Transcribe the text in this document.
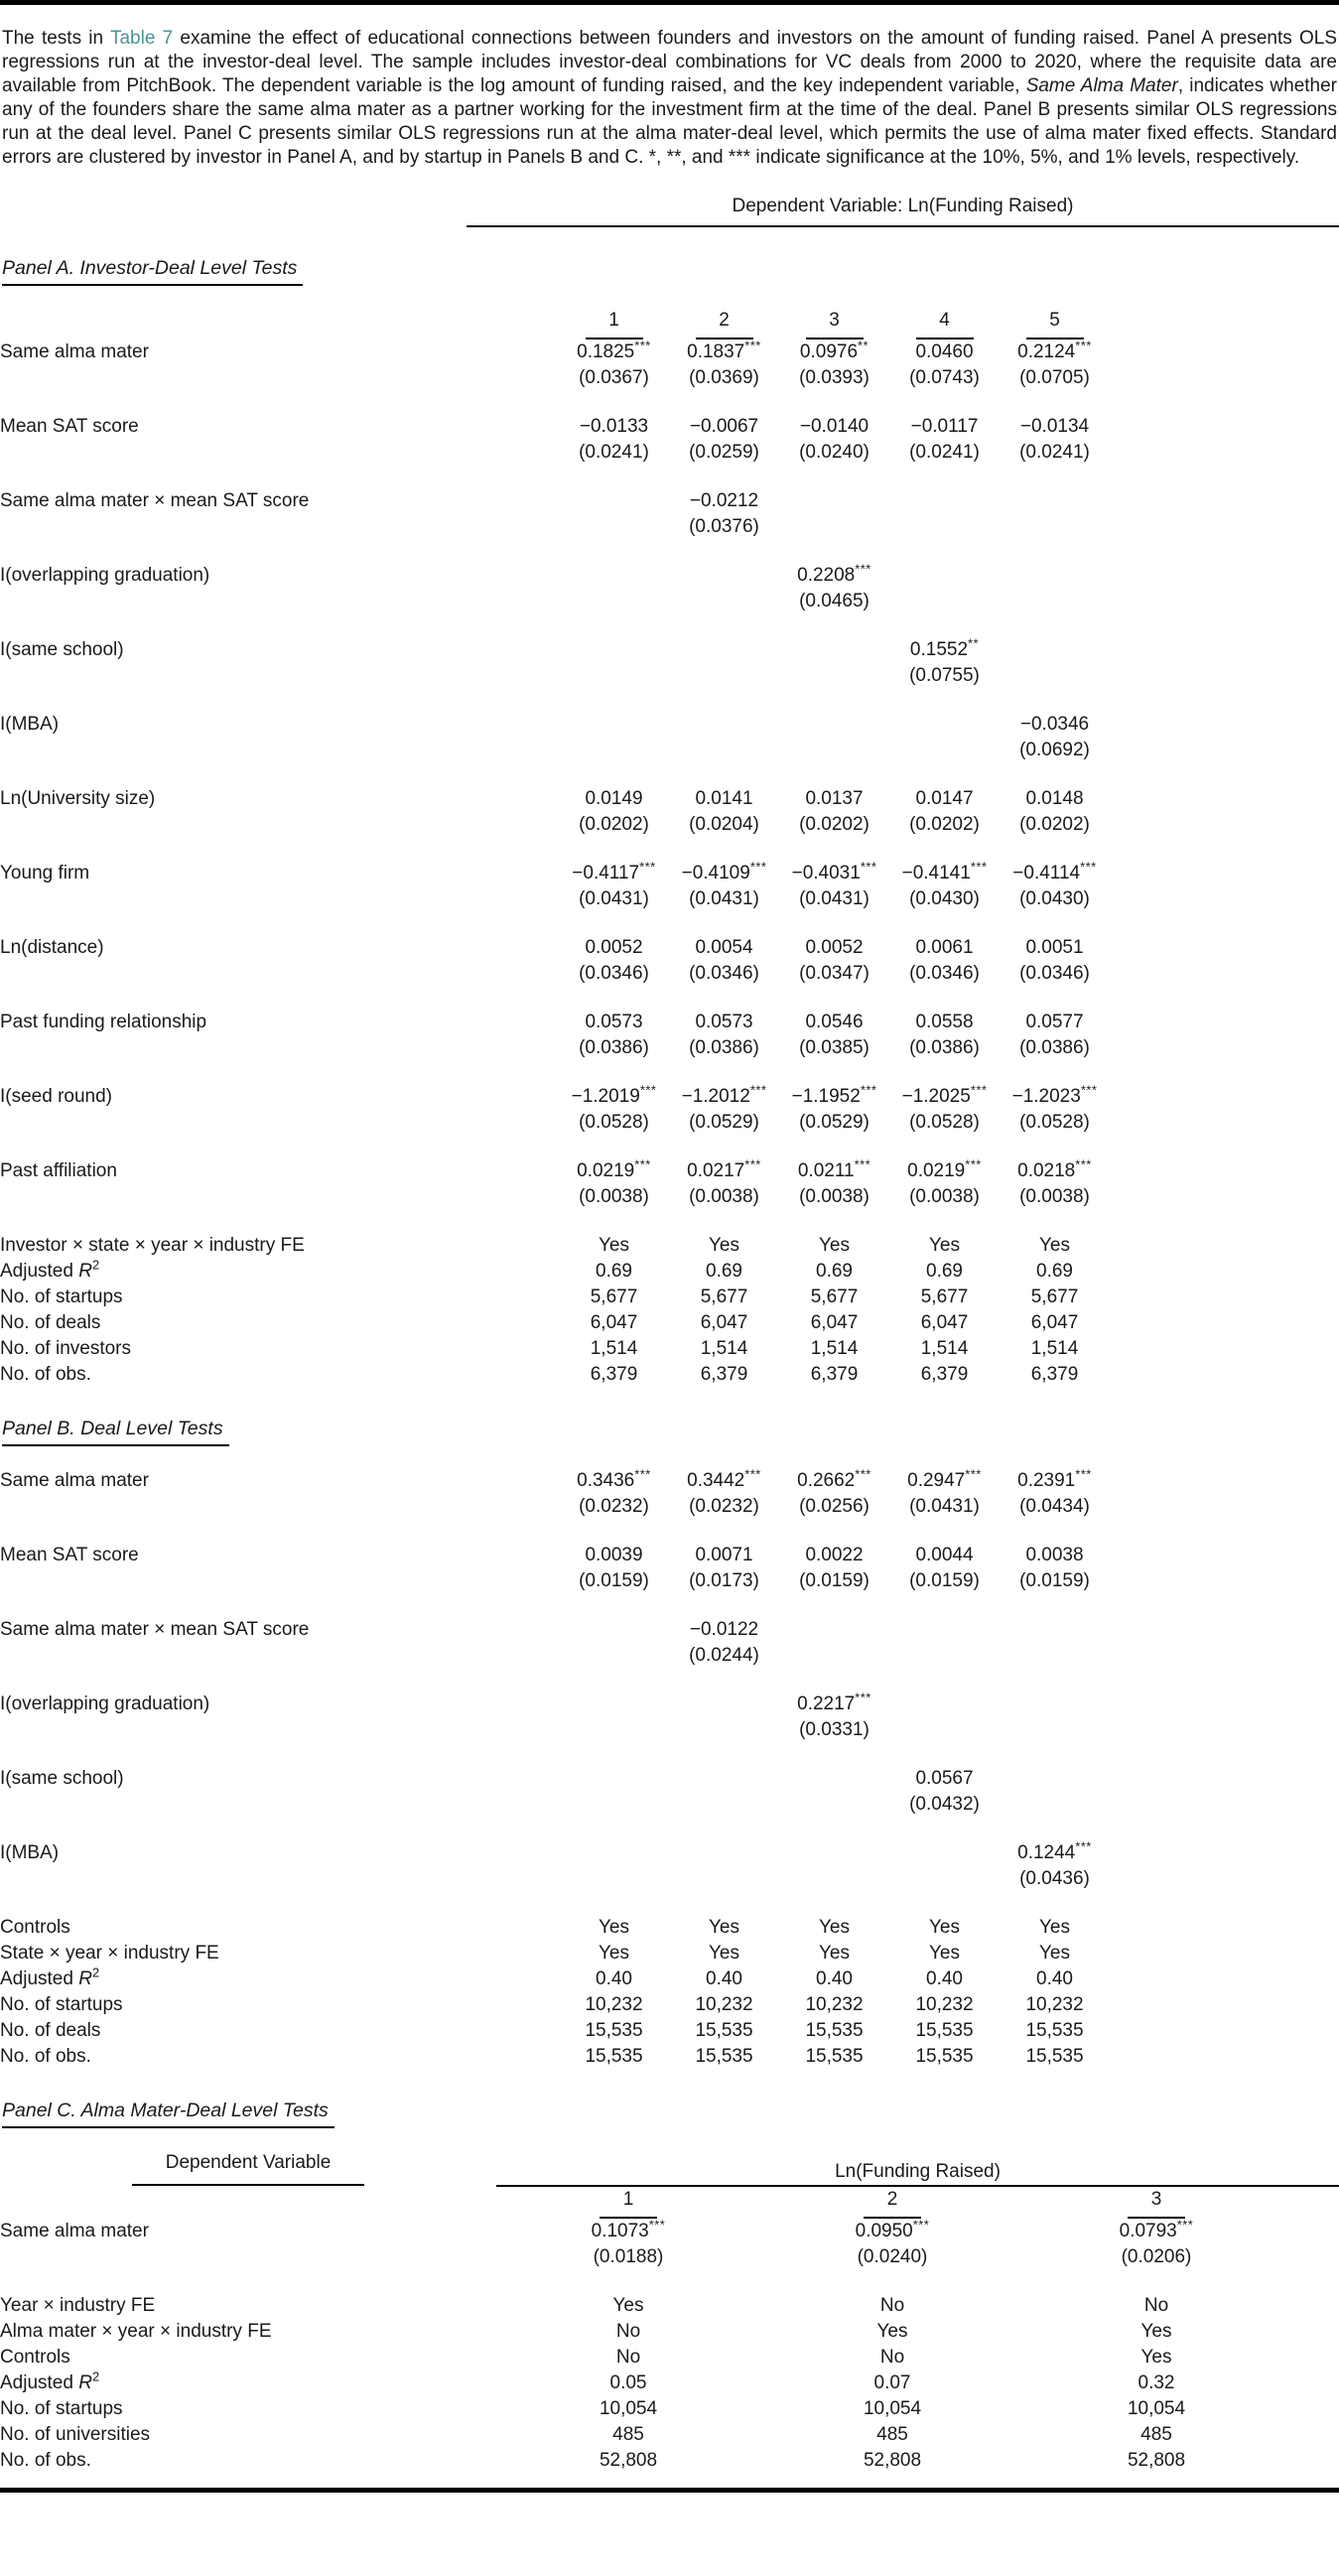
The tests in Table 7 examine the effect of educational connections between founders and investors on the amount of funding raised. Panel A presents OLS regressions run at the investor-deal level. The sample includes investor-deal combinations for VC deals from 2000 to 2020, where the requisite data are available from PitchBook. The dependent variable is the log amount of funding raised, and the key independent variable, Same Alma Mater, indicates whether any of the founders share the same alma mater as a partner working for the investment firm at the time of the deal. Panel B presents similar OLS regressions run at the deal level. Panel C presents similar OLS regressions run at the alma mater-deal level, which permits the use of alma mater fixed effects. Standard errors are clustered by investor in Panel A, and by startup in Panels B and C. *, **, and *** indicate significance at the 10%, 5%, and 1% levels, respectively.

Dependent Variable: Ln(Funding Raised)
Panel A. Investor-Deal Level Tests
	1	2	3	4	5	
Same alma mater	0.1825***	0.1837***	0.0976**	0.0460	0.2124***	
	(0.0367)	(0.0369)	(0.0393)	(0.0743)	(0.0705)	
Mean SAT score	−0.0133	−0.0067	−0.0140	−0.0117	−0.0134	
	(0.0241)	(0.0259)	(0.0240)	(0.0241)	(0.0241)	
Same alma mater × mean SAT score		−0.0212				
		(0.0376)				
I(overlapping graduation)			0.2208***			
			(0.0465)			
I(same school)				0.1552**		
				(0.0755)		
I(MBA)					−0.0346	
					(0.0692)	
Ln(University size)	0.0149	0.0141	0.0137	0.0147	0.0148	
	(0.0202)	(0.0204)	(0.0202)	(0.0202)	(0.0202)	
Young firm	−0.4117***	−0.4109***	−0.4031***	−0.4141***	−0.4114***	
	(0.0431)	(0.0431)	(0.0431)	(0.0430)	(0.0430)	
Ln(distance)	0.0052	0.0054	0.0052	0.0061	0.0051	
	(0.0346)	(0.0346)	(0.0347)	(0.0346)	(0.0346)	
Past funding relationship	0.0573	0.0573	0.0546	0.0558	0.0577	
	(0.0386)	(0.0386)	(0.0385)	(0.0386)	(0.0386)	
I(seed round)	−1.2019***	−1.2012***	−1.1952***	−1.2025***	−1.2023***	
	(0.0528)	(0.0529)	(0.0529)	(0.0528)	(0.0528)	
Past affiliation	0.0219***	0.0217***	0.0211***	0.0219***	0.0218***	
	(0.0038)	(0.0038)	(0.0038)	(0.0038)	(0.0038)	
Investor × state × year × industry FE	Yes	Yes	Yes	Yes	Yes	
Adjusted $R^2$	0.69	0.69	0.69	0.69	0.69	
No. of startups	5,677	5,677	5,677	5,677	5,677	
No. of deals	6,047	6,047	6,047	6,047	6,047	
No. of investors	1,514	1,514	1,514	1,514	1,514	
No. of obs.	6,379	6,379	6,379	6,379	6,379	
Panel B. Deal Level Tests
Same alma mater	0.3436***	0.3442***	0.2662***	0.2947***	0.2391***	
	(0.0232)	(0.0232)	(0.0256)	(0.0431)	(0.0434)	
Mean SAT score	0.0039	0.0071	0.0022	0.0044	0.0038	
	(0.0159)	(0.0173)	(0.0159)	(0.0159)	(0.0159)	
Same alma mater × mean SAT score		−0.0122				
		(0.0244)				
I(overlapping graduation)			0.2217***			
			(0.0331)			
I(same school)				0.0567		
				(0.0432)		
I(MBA)					0.1244***	
					(0.0436)	
Controls	Yes	Yes	Yes	Yes	Yes	
State × year × industry FE	Yes	Yes	Yes	Yes	Yes	
Adjusted $R^2$	0.40	0.40	0.40	0.40	0.40	
No. of startups	10,232	10,232	10,232	10,232	10,232	
No. of deals	15,535	15,535	15,535	15,535	15,535	
No. of obs.	15,535	15,535	15,535	15,535	15,535	
Panel C. Alma Mater-Deal Level Tests
Dependent Variable	Ln(Funding Raised)			
	1	2	3	
Same alma mater	0.1073***	0.0950***	0.0793***	
	(0.0188)	(0.0240)	(0.0206)	
Year × industry FE	Yes	No	No	
Alma mater × year × industry FE	No	Yes	Yes	
Controls	No	No	Yes	
Adjusted $R^2$	0.05	0.07	0.32	
No. of startups	10,054	10,054	10,054	
No. of universities	485	485	485	
No. of obs.	52,808	52,808	52,808	
